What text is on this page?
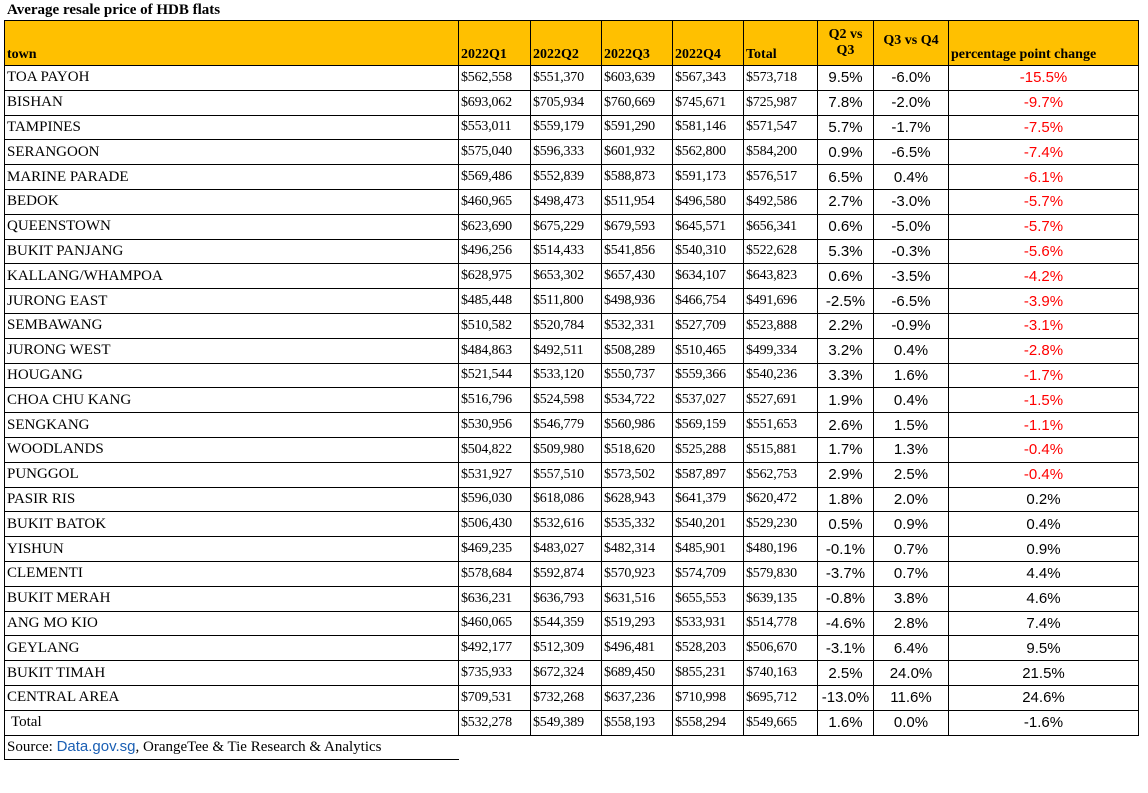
Average resale price of HDB flats
town	2022Q1	2022Q2	2022Q3	2022Q4	Total	Q2 vs Q3	Q3 vs Q4	percentage point change
TOA PAYOH	$562,558	$551,370	$603,639	$567,343	$573,718	9.5%	-6.0%	-15.5%
BISHAN	$693,062	$705,934	$760,669	$745,671	$725,987	7.8%	-2.0%	-9.7%
TAMPINES	$553,011	$559,179	$591,290	$581,146	$571,547	5.7%	-1.7%	-7.5%
SERANGOON	$575,040	$596,333	$601,932	$562,800	$584,200	0.9%	-6.5%	-7.4%
MARINE PARADE	$569,486	$552,839	$588,873	$591,173	$576,517	6.5%	0.4%	-6.1%
BEDOK	$460,965	$498,473	$511,954	$496,580	$492,586	2.7%	-3.0%	-5.7%
QUEENSTOWN	$623,690	$675,229	$679,593	$645,571	$656,341	0.6%	-5.0%	-5.7%
BUKIT PANJANG	$496,256	$514,433	$541,856	$540,310	$522,628	5.3%	-0.3%	-5.6%
KALLANG/WHAMPOA	$628,975	$653,302	$657,430	$634,107	$643,823	0.6%	-3.5%	-4.2%
JURONG EAST	$485,448	$511,800	$498,936	$466,754	$491,696	-2.5%	-6.5%	-3.9%
SEMBAWANG	$510,582	$520,784	$532,331	$527,709	$523,888	2.2%	-0.9%	-3.1%
JURONG WEST	$484,863	$492,511	$508,289	$510,465	$499,334	3.2%	0.4%	-2.8%
HOUGANG	$521,544	$533,120	$550,737	$559,366	$540,236	3.3%	1.6%	-1.7%
CHOA CHU KANG	$516,796	$524,598	$534,722	$537,027	$527,691	1.9%	0.4%	-1.5%
SENGKANG	$530,956	$546,779	$560,986	$569,159	$551,653	2.6%	1.5%	-1.1%
WOODLANDS	$504,822	$509,980	$518,620	$525,288	$515,881	1.7%	1.3%	-0.4%
PUNGGOL	$531,927	$557,510	$573,502	$587,897	$562,753	2.9%	2.5%	-0.4%
PASIR RIS	$596,030	$618,086	$628,943	$641,379	$620,472	1.8%	2.0%	0.2%
BUKIT BATOK	$506,430	$532,616	$535,332	$540,201	$529,230	0.5%	0.9%	0.4%
YISHUN	$469,235	$483,027	$482,314	$485,901	$480,196	-0.1%	0.7%	0.9%
CLEMENTI	$578,684	$592,874	$570,923	$574,709	$579,830	-3.7%	0.7%	4.4%
BUKIT MERAH	$636,231	$636,793	$631,516	$655,553	$639,135	-0.8%	3.8%	4.6%
ANG MO KIO	$460,065	$544,359	$519,293	$533,931	$514,778	-4.6%	2.8%	7.4%
GEYLANG	$492,177	$512,309	$496,481	$528,203	$506,670	-3.1%	6.4%	9.5%
BUKIT TIMAH	$735,933	$672,324	$689,450	$855,231	$740,163	2.5%	24.0%	21.5%
CENTRAL AREA	$709,531	$732,268	$637,236	$710,998	$695,712	-13.0%	11.6%	24.6%
Total	$532,278	$549,389	$558,193	$558,294	$549,665	1.6%	0.0%	-1.6%
Source: Data.gov.sg, OrangeTee & Tie Research & Analytics								
